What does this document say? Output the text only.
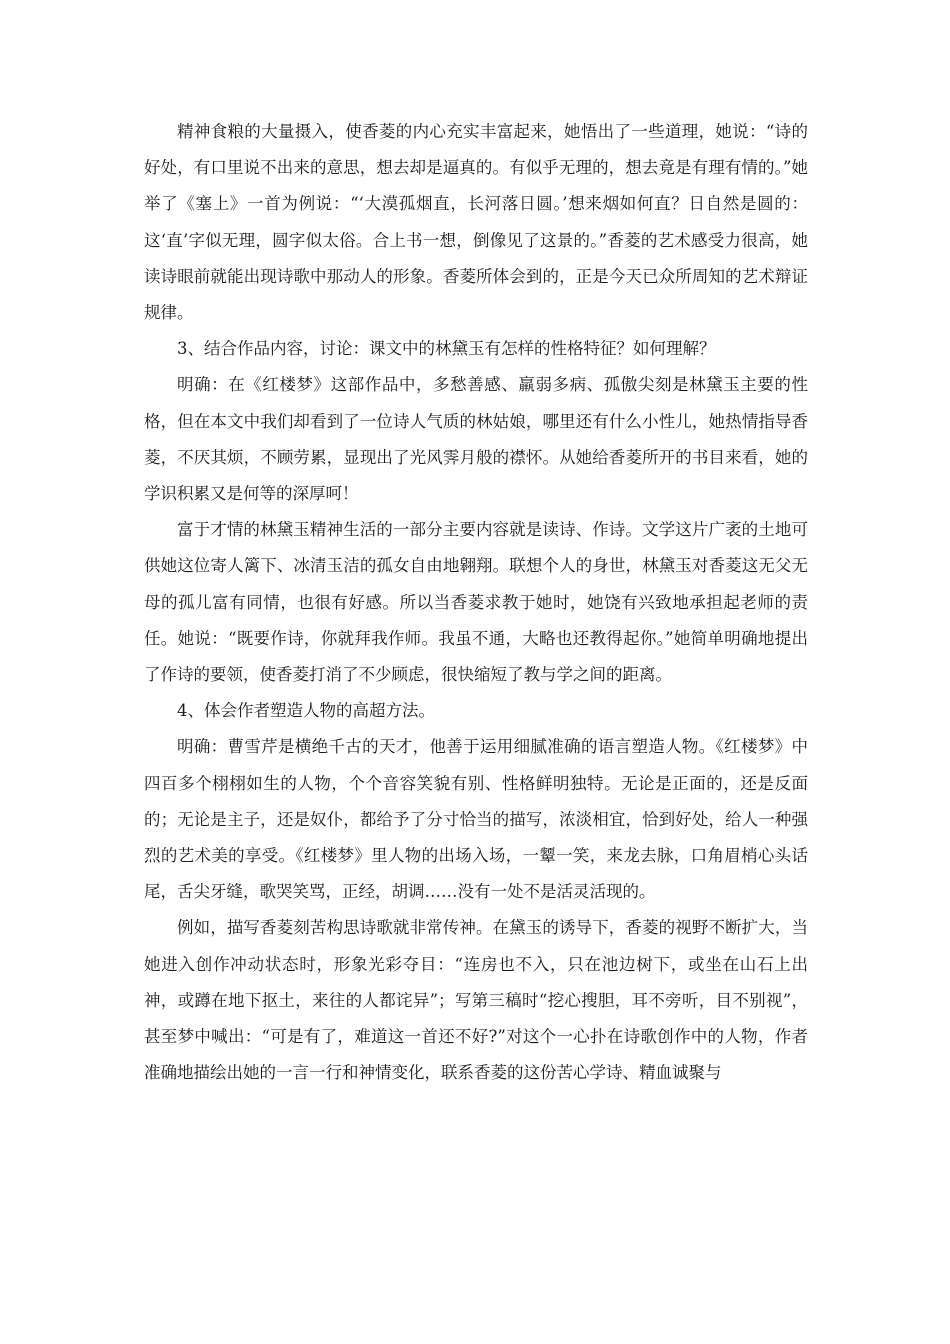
精神食粮的大量摄入，使香菱的内心充实丰富起来，她悟出了一些道理，她说：“诗的好处，有口里说不出来的意思，想去却是逼真的。有似乎无理的，想去竟是有理有情的。”她举了《塞上》一首为例说：“‘大漠孤烟直，长河落日圆。’想来烟如何直？日自然是圆的：这‘直’字似无理，圆字似太俗。合上书一想，倒像见了这景的。”香菱的艺术感受力很高，她读诗眼前就能出现诗歌中那动人的形象。香菱所体会到的，正是今天已众所周知的艺术辩证规律。

3、结合作品内容，讨论：课文中的林黛玉有怎样的性格特征？如何理解？

明确：在《红楼梦》这部作品中，多愁善感、羸弱多病、孤傲尖刻是林黛玉主要的性格，但在本文中我们却看到了一位诗人气质的林姑娘，哪里还有什么小性儿，她热情指导香菱，不厌其烦，不顾劳累，显现出了光风霁月般的襟怀。从她给香菱所开的书目来看，她的学识积累又是何等的深厚呵！

富于才情的林黛玉精神生活的一部分主要内容就是读诗、作诗。文学这片广袤的土地可供她这位寄人篱下、冰清玉洁的孤女自由地翱翔。联想个人的身世，林黛玉对香菱这无父无母的孤儿富有同情，也很有好感。所以当香菱求教于她时，她饶有兴致地承担起老师的责任。她说：“既要作诗，你就拜我作师。我虽不通，大略也还教得起你。”她简单明确地提出了作诗的要领，使香菱打消了不少顾虑，很快缩短了教与学之间的距离。

4、体会作者塑造人物的高超方法。

明确：曹雪芹是横绝千古的天才，他善于运用细腻准确的语言塑造人物。《红楼梦》中四百多个栩栩如生的人物，个个音容笑貌有别、性格鲜明独特。无论是正面的，还是反面的；无论是主子，还是奴仆，都给予了分寸恰当的描写，浓淡相宜，恰到好处，给人一种强烈的艺术美的享受。《红楼梦》里人物的出场入场，一颦一笑，来龙去脉，口角眉梢心头话尾，舌尖牙缝，歌哭笑骂，正经，胡调……没有一处不是活灵活现的。

例如，描写香菱刻苦构思诗歌就非常传神。在黛玉的诱导下，香菱的视野不断扩大，当她进入创作冲动状态时，形象光彩夺目：“连房也不入，只在池边树下，或坐在山石上出神，或蹲在地下抠土，来往的人都诧异”；写第三稿时“挖心搜胆，耳不旁听，目不别视”，甚至梦中喊出：“可是有了，难道这一首还不好?”对这个一心扑在诗歌创作中的人物，作者准确地描绘出她的一言一行和神情变化，联系香菱的这份苦心学诗、精血诚聚与
